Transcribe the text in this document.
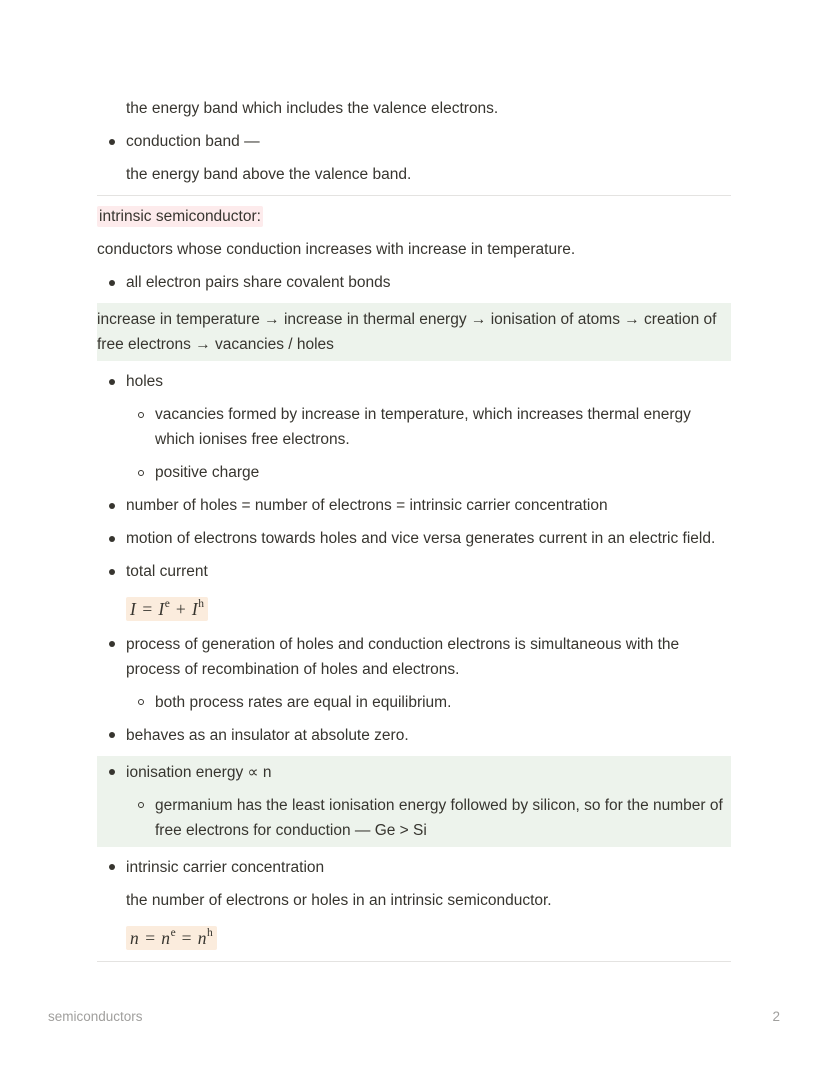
the energy band which includes the valence electrons.

conduction band —

the energy band above the valence band.

intrinsic semiconductor:

conductors whose conduction increases with increase in temperature.

all electron pairs share covalent bonds

increase in temperature → increase in thermal energy → ionisation of atoms → creation of free electrons → vacancies / holes

holes
vacancies formed by increase in temperature, which increases thermal energy which ionises free electrons.
positive charge
number of holes = number of electrons = intrinsic carrier concentration
motion of electrons towards holes and vice versa generates current in an electric field.
total current
$I = I^e + I^h$
process of generation of holes and conduction electrons is simultaneous with the process of recombination of holes and electrons.
both process rates are equal in equilibrium.
behaves as an insulator at absolute zero.
ionisation energy ∝ n
germanium has the least ionisation energy followed by silicon, so for the number of free electrons for conduction — Ge > Si
intrinsic carrier concentration

the number of electrons or holes in an intrinsic semiconductor.

$n = n^e = n^h$
semiconductors	2
